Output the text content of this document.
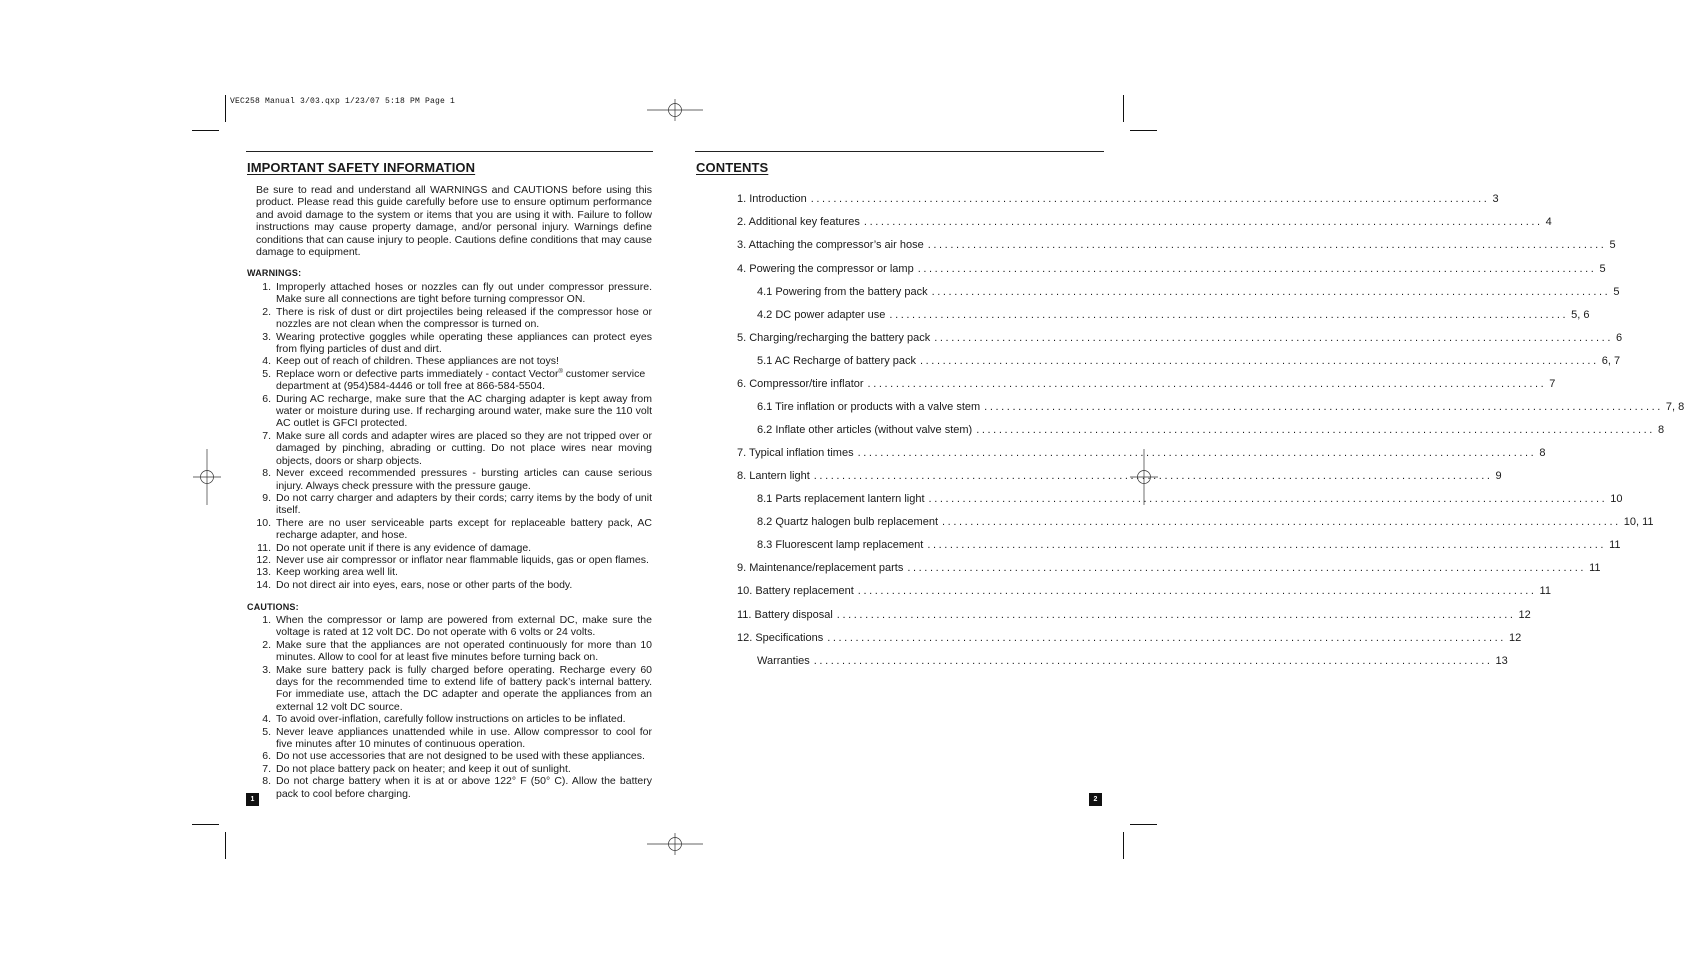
VEC258 Manual 3/03.qxp 1/23/07 5:18 PM Page 1
IMPORTANT SAFETY INFORMATION
Be sure to read and understand all WARNINGS and CAUTIONS before using this product. Please read this guide carefully before use to ensure optimum performance and avoid damage to the system or items that you are using it with. Failure to follow instructions may cause property damage, and/or personal injury. Warnings define conditions that can cause injury to people. Cautions define conditions that may cause damage to equipment.
WARNINGS:
1. Improperly attached hoses or nozzles can fly out under compressor pressure. Make sure all connections are tight before turning compressor ON.
2. There is risk of dust or dirt projectiles being released if the compressor hose or nozzles are not clean when the compressor is turned on.
3. Wearing protective goggles while operating these appliances can protect eyes from flying particles of dust and dirt.
4. Keep out of reach of children. These appliances are not toys!
5. Replace worn or defective parts immediately - contact Vector® customer service department at (954)584-4446 or toll free at 866-584-5504.
6. During AC recharge, make sure that the AC charging adapter is kept away from water or moisture during use. If recharging around water, make sure the 110 volt AC outlet is GFCI protected.
7. Make sure all cords and adapter wires are placed so they are not tripped over or damaged by pinching, abrading or cutting. Do not place wires near moving objects, doors or sharp objects.
8. Never exceed recommended pressures - bursting articles can cause serious injury. Always check pressure with the pressure gauge.
9. Do not carry charger and adapters by their cords; carry items by the body of unit itself.
10. There are no user serviceable parts except for replaceable battery pack, AC recharge adapter, and hose.
11. Do not operate unit if there is any evidence of damage.
12. Never use air compressor or inflator near flammable liquids, gas or open flames.
13. Keep working area well lit.
14. Do not direct air into eyes, ears, nose or other parts of the body.
CAUTIONS:
1. When the compressor or lamp are powered from external DC, make sure the voltage is rated at 12 volt DC. Do not operate with 6 volts or 24 volts.
2. Make sure that the appliances are not operated continuously for more than 10 minutes. Allow to cool for at least five minutes before turning back on.
3. Make sure battery pack is fully charged before operating. Recharge every 60 days for the recommended time to extend life of battery pack’s internal battery. For immediate use, attach the DC adapter and operate the appliances from an external 12 volt DC source.
4. To avoid over-inflation, carefully follow instructions on articles to be inflated.
5. Never leave appliances unattended while in use. Allow compressor to cool for five minutes after 10 minutes of continuous operation.
6. Do not use accessories that are not designed to be used with these appliances.
7. Do not place battery pack on heater; and keep it out of sunlight.
8. Do not charge battery when it is at or above 122° F (50° C). Allow the battery pack to cool before charging.
1
CONTENTS
1. Introduction ........................................................................................................................ 3
2. Additional key features ........................................................................................................................ 4
3. Attaching the compressor’s air hose ........................................................................................................................ 5
4. Powering the compressor or lamp ........................................................................................................................ 5
4.1 Powering from the battery pack ........................................................................................................................ 5
4.2 DC power adapter use ........................................................................................................................ 5, 6
5. Charging/recharging the battery pack ........................................................................................................................ 6
5.1 AC Recharge of battery pack ........................................................................................................................ 6, 7
6. Compressor/tire inflator ........................................................................................................................ 7
6.1 Tire inflation or products with a valve stem ........................................................................................................................ 7, 8
6.2 Inflate other articles (without valve stem) ........................................................................................................................ 8
7. Typical inflation times ........................................................................................................................ 8
8. Lantern light ........................................................................................................................ 9
8.1 Parts replacement lantern light ........................................................................................................................ 10
8.2 Quartz halogen bulb replacement ........................................................................................................................ 10, 11
8.3 Fluorescent lamp replacement ........................................................................................................................ 11
9. Maintenance/replacement parts ........................................................................................................................ 11
10. Battery replacement ........................................................................................................................ 11
11. Battery disposal ........................................................................................................................ 12
12. Specifications ........................................................................................................................ 12
Warranties ........................................................................................................................ 13
2
